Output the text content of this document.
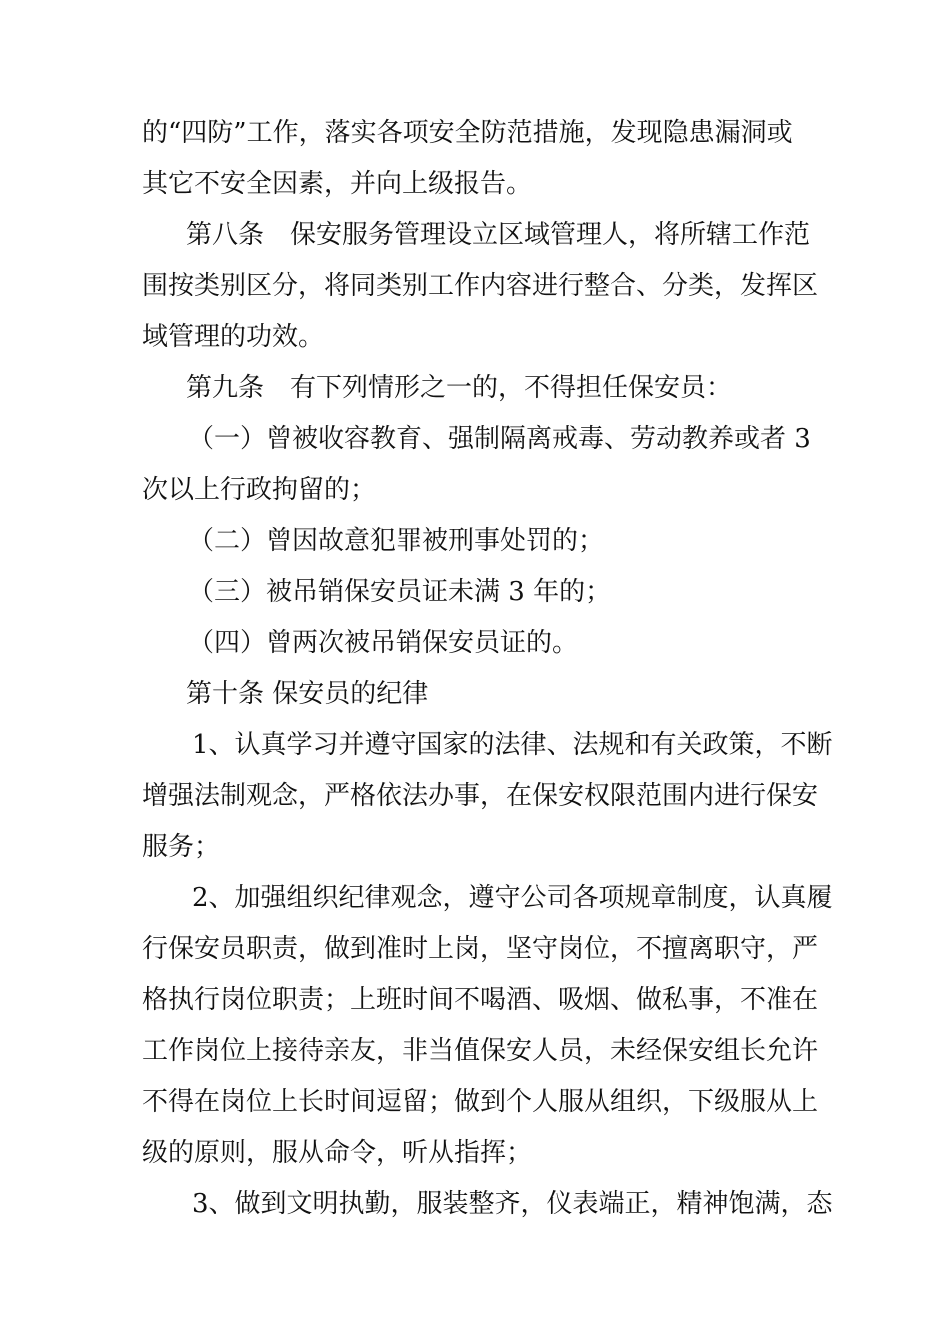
的“四防”工作，落实各项安全防范措施，发现隐患漏洞或
其它不安全因素，并向上级报告。
第八条　保安服务管理设立区域管理人，将所辖工作范
围按类别区分，将同类别工作内容进行整合、分类，发挥区
域管理的功效。
第九条　有下列情形之一的，不得担任保安员：
（一）曾被收容教育、强制隔离戒毒、劳动教养或者 3
次以上行政拘留的；
（二）曾因故意犯罪被刑事处罚的；
（三）被吊销保安员证未满 3 年的；
（四）曾两次被吊销保安员证的。
第十条 保安员的纪律
1、认真学习并遵守国家的法律、法规和有关政策，不断
增强法制观念，严格依法办事，在保安权限范围内进行保安
服务；
2、加强组织纪律观念，遵守公司各项规章制度，认真履
行保安员职责，做到准时上岗，坚守岗位，不擅离职守，严
格执行岗位职责；上班时间不喝酒、吸烟、做私事，不准在
工作岗位上接待亲友，非当值保安人员，未经保安组长允许
不得在岗位上长时间逗留；做到个人服从组织，下级服从上
级的原则，服从命令，听从指挥；
3、做到文明执勤，服装整齐，仪表端正，精神饱满，态
